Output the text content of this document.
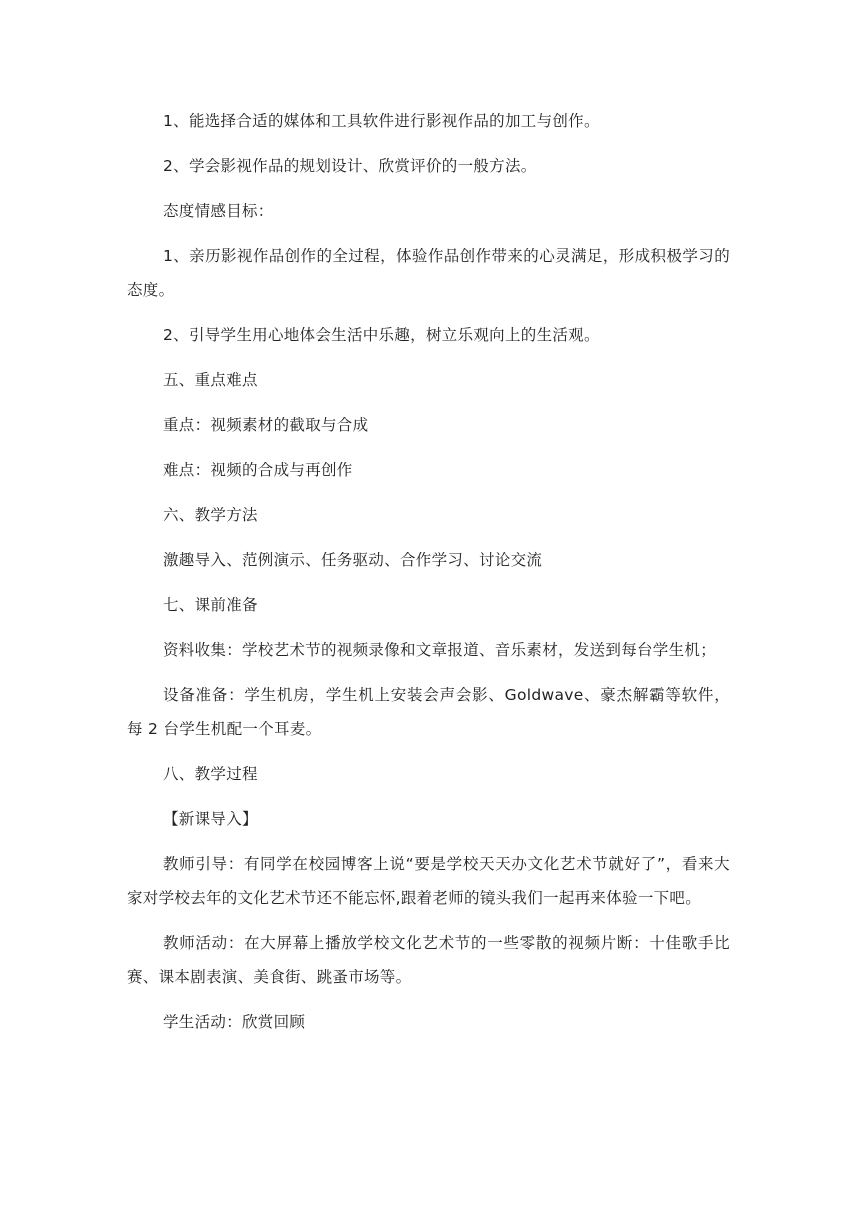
1、能选择合适的媒体和工具软件进行影视作品的加工与创作。

2、学会影视作品的规划设计、欣赏评价的一般方法。

态度情感目标：

1、亲历影视作品创作的全过程，体验作品创作带来的心灵满足，形成积极学习的态度。

2、引导学生用心地体会生活中乐趣，树立乐观向上的生活观。

五、重点难点

重点：视频素材的截取与合成

难点：视频的合成与再创作

六、教学方法

激趣导入、范例演示、任务驱动、合作学习、讨论交流

七、课前准备

资料收集：学校艺术节的视频录像和文章报道、音乐素材，发送到每台学生机；

设备准备：学生机房，学生机上安装会声会影、Goldwave、豪杰解霸等软件，每 2 台学生机配一个耳麦。

八、教学过程

【新课导入】

教师引导：有同学在校园博客上说“要是学校天天办文化艺术节就好了”，看来大家对学校去年的文化艺术节还不能忘怀,跟着老师的镜头我们一起再来体验一下吧。

教师活动：在大屏幕上播放学校文化艺术节的一些零散的视频片断：十佳歌手比赛、课本剧表演、美食街、跳蚤市场等。

学生活动：欣赏回顾
